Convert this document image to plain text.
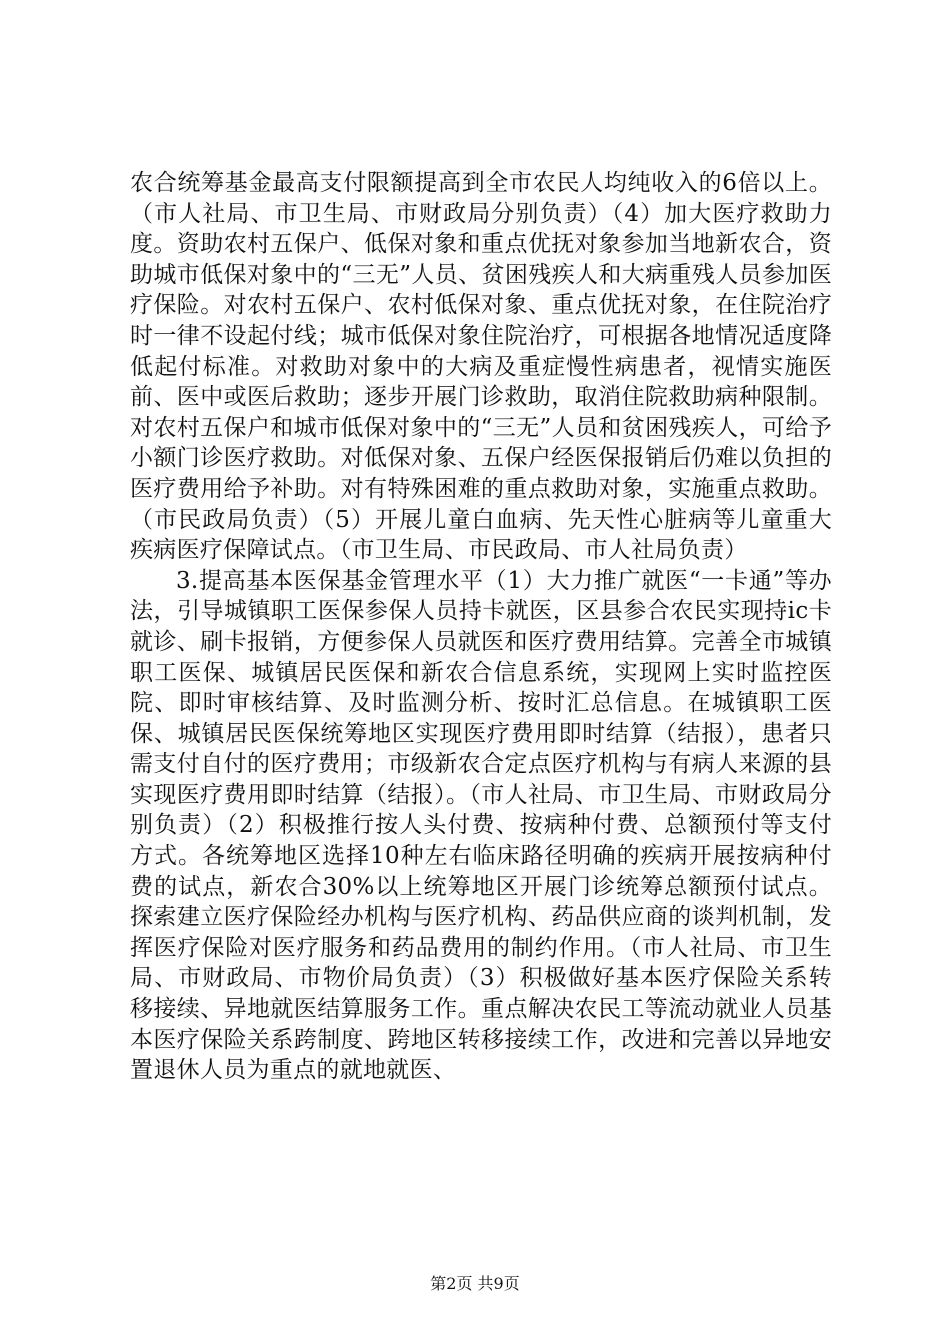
农合统筹基金最高支付限额提高到全市农民人均纯收入的6倍以上。（市人社局、市卫生局、市财政局分别负责）（4）加大医疗救助力度。资助农村五保户、低保对象和重点优抚对象参加当地新农合，资助城市低保对象中的“三无”人员、贫困残疾人和大病重残人员参加医疗保险。对农村五保户、农村低保对象、重点优抚对象，在住院治疗时一律不设起付线；城市低保对象住院治疗，可根据各地情况适度降低起付标准。对救助对象中的大病及重症慢性病患者，视情实施医前、医中或医后救助；逐步开展门诊救助，取消住院救助病种限制。对农村五保户和城市低保对象中的“三无”人员和贫困残疾人，可给予小额门诊医疗救助。对低保对象、五保户经医保报销后仍难以负担的医疗费用给予补助。对有特殊困难的重点救助对象，实施重点救助。（市民政局负责）（5）开展儿童白血病、先天性心脏病等儿童重大疾病医疗保障试点。（市卫生局、市民政局、市人社局负责）

3.提高基本医保基金管理水平（1）大力推广就医“一卡通”等办法，引导城镇职工医保参保人员持卡就医，区县参合农民实现持ic卡就诊、刷卡报销，方便参保人员就医和医疗费用结算。完善全市城镇职工医保、城镇居民医保和新农合信息系统，实现网上实时监控医院、即时审核结算、及时监测分析、按时汇总信息。在城镇职工医保、城镇居民医保统筹地区实现医疗费用即时结算（结报），患者只需支付自付的医疗费用；市级新农合定点医疗机构与有病人来源的县实现医疗费用即时结算（结报）。（市人社局、市卫生局、市财政局分别负责）（2）积极推行按人头付费、按病种付费、总额预付等支付方式。各统筹地区选择10种左右临床路径明确的疾病开展按病种付费的试点，新农合30%以上统筹地区开展门诊统筹总额预付试点。探索建立医疗保险经办机构与医疗机构、药品供应商的谈判机制，发挥医疗保险对医疗服务和药品费用的制约作用。（市人社局、市卫生局、市财政局、市物价局负责）（3）积极做好基本医疗保险关系转移接续、异地就医结算服务工作。重点解决农民工等流动就业人员基本医疗保险关系跨制度、跨地区转移接续工作，改进和完善以异地安置退休人员为重点的就地就医、

第2页 共9页
